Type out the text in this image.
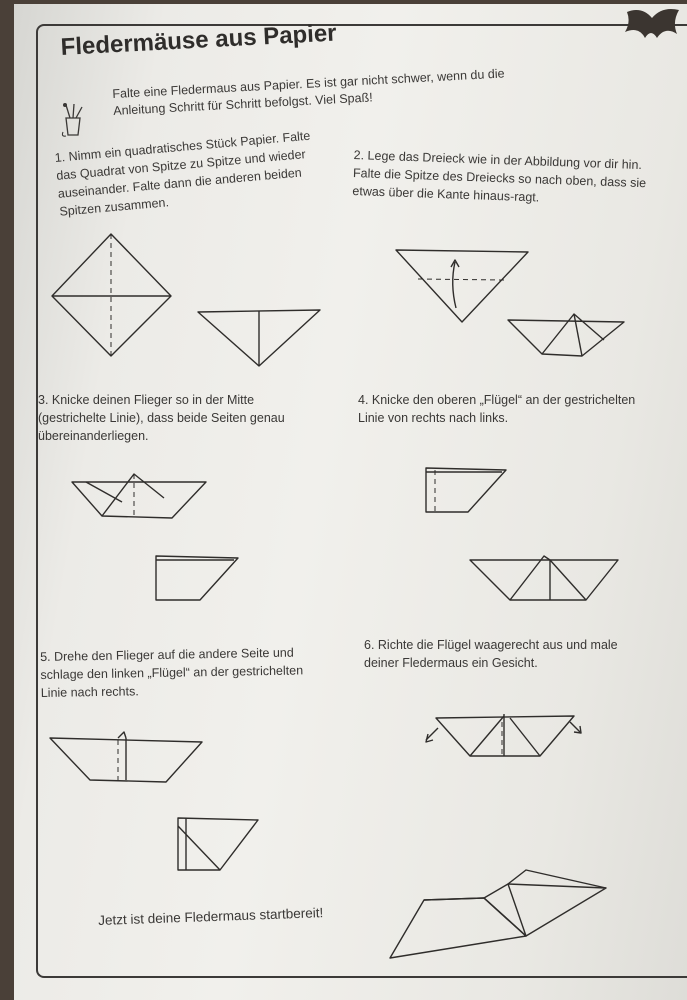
Fledermäuse aus Papier

Falte eine Fledermaus aus Papier. Es ist gar nicht schwer, wenn du die Anleitung Schritt für Schritt befolgst. Viel Spaß!

1. Nimm ein quadratisches Stück Papier. Falte das Quadrat von Spitze zu Spitze und wieder auseinander. Falte dann die anderen beiden Spitzen zusammen.

2. Lege das Dreieck wie in der Abbildung vor dir hin. Falte die Spitze des Dreiecks so nach oben, dass sie etwas über die Kante hinaus-ragt.

3. Knicke deinen Flieger so in der Mitte (gestrichelte Linie), dass beide Seiten genau übereinanderliegen.

4. Knicke den oberen „Flügel“ an der gestrichelten Linie von rechts nach links.

5. Drehe den Flieger auf die andere Seite und schlage den linken „Flügel“ an der gestrichelten Linie nach rechts.

6. Richte die Flügel waagerecht aus und male deiner Fledermaus ein Gesicht.

Jetzt ist deine Fledermaus startbereit!
